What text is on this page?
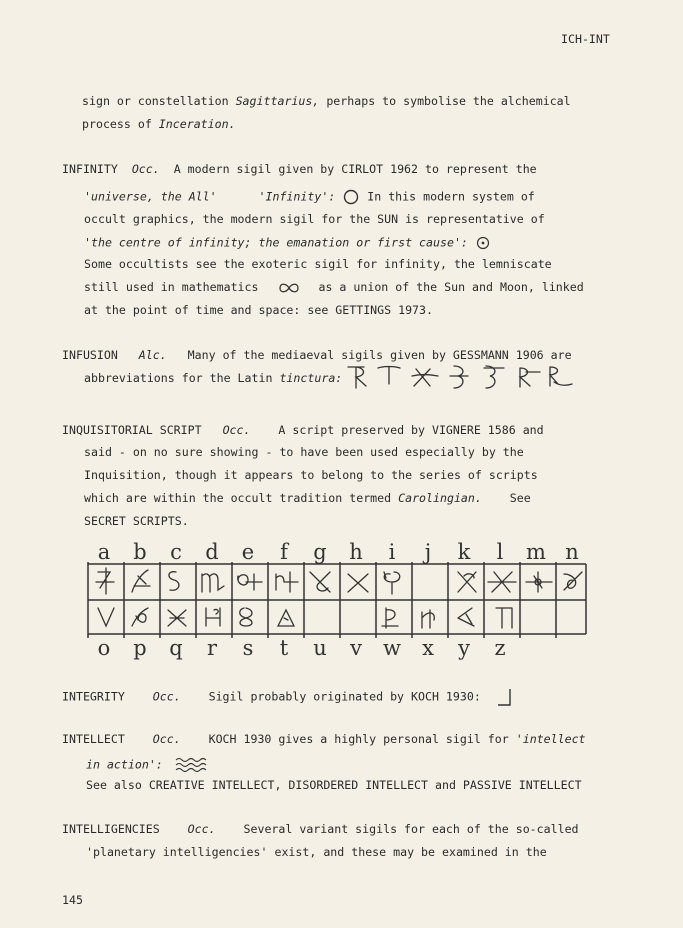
ICH-INT
sign or constellation Sagittarius, perhaps to symbolise the alchemical
process of Inceration.
INFINITY Occ. A modern sigil given by CIRLOT 1962 to represent the
'universe, the All'	'Infinity':	In this modern system of
occult graphics, the modern sigil for the SUN is representative of
'the centre of infinity; the emanation or first cause':
Some occultists see the exoteric sigil for infinity, the lemniscate
still used in mathematics	as a union of the Sun and Moon, linked
at the point of time and space: see GETTINGS 1973.
INFUSION Alc. Many of the mediaeval sigils given by GESSMANN 1906 are
abbreviations for the Latin tinctura:
INQUISITORIAL SCRIPT Occ. A script preserved by VIGNERE 1586 and
said - on no sure showing - to have been used especially by the
Inquisition, though it appears to belong to the series of scripts
which are within the occult tradition termed Carolingian. See
SECRET SCRIPTS.
a	b	c	d	e	f	g	h	i	j	k	l	m n
o	p	q	r	s	t	u	v	w	x	y	z
INTEGRITY Occ. Sigil probably originated by KOCH 1930:
INTELLECT Occ. KOCH 1930 gives a highly personal sigil for 'intellect
in action':
See also CREATIVE INTELLECT, DISORDERED INTELLECT and PASSIVE INTELLECT
INTELLIGENCIES Occ. Several variant sigils for each of the so-called
'planetary intelligencies' exist, and these may be examined in the
145
